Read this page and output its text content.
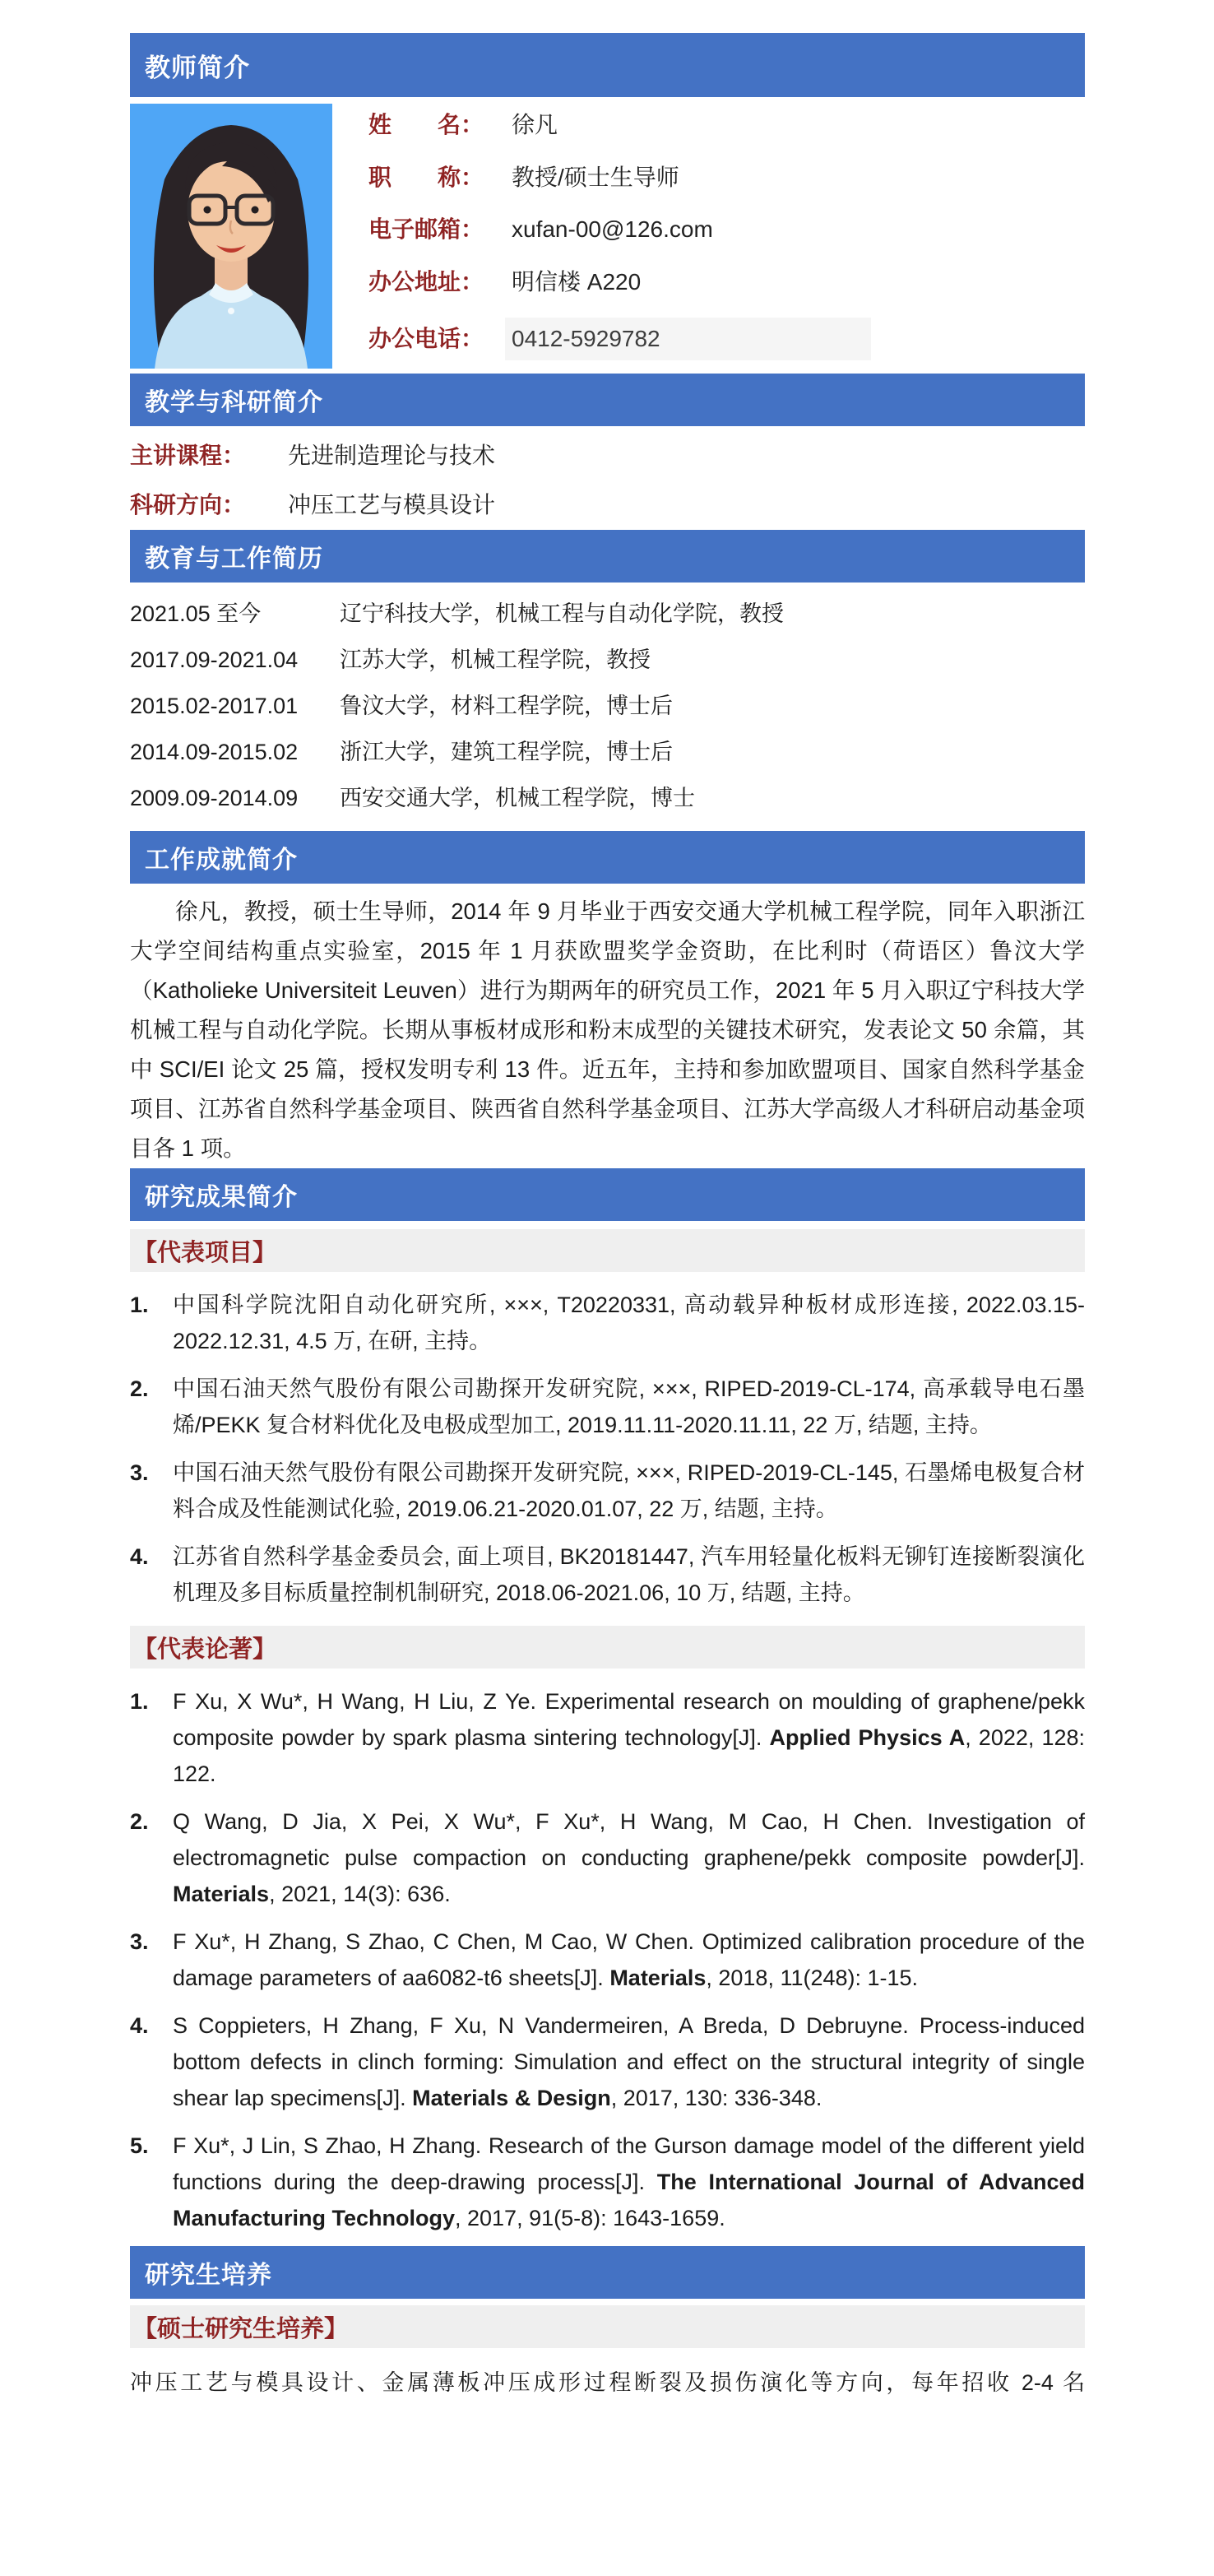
教师简介
姓　　名：	徐凡
职　　称：	教授/硕士生导师
电子邮箱：	xufan-00@126.com
办公地址：	明信楼 A220
办公电话：	0412-5929782
教学与科研简介
主讲课程：	先进制造理论与技术
科研方向：	冲压工艺与模具设计
教育与工作简历
2021.05 至今	辽宁科技大学，机械工程与自动化学院，教授
2017.09-2021.04	江苏大学，机械工程学院，教授
2015.02-2017.01	鲁汶大学，材料工程学院，博士后
2014.09-2015.02	浙江大学，建筑工程学院，博士后
2009.09-2014.09	西安交通大学，机械工程学院，博士
工作成就简介
徐凡，教授，硕士生导师，2014 年 9 月毕业于西安交通大学机械工程学院，同年入职浙江大学空间结构重点实验室，2015 年 1 月获欧盟奖学金资助，在比利时（荷语区）鲁汶大学（Katholieke Universiteit Leuven）进行为期两年的研究员工作，2021 年 5 月入职辽宁科技大学机械工程与自动化学院。长期从事板材成形和粉末成型的关键技术研究，发表论文 50 余篇，其中 SCI/EI 论文 25 篇，授权发明专利 13 件。近五年，主持和参加欧盟项目、国家自然科学基金项目、江苏省自然科学基金项目、陕西省自然科学基金项目、江苏大学高级人才科研启动基金项目各 1 项。
研究成果简介
【代表项目】
1.	中国科学院沈阳自动化研究所, ×××, T20220331, 高动载异种板材成形连接, 2022.03.15-2022.12.31, 4.5 万, 在研, 主持。
2.	中国石油天然气股份有限公司勘探开发研究院, ×××, RIPED-2019-CL-174, 高承载导电石墨烯/PEKK 复合材料优化及电极成型加工, 2019.11.11-2020.11.11, 22 万, 结题, 主持。
3.	中国石油天然气股份有限公司勘探开发研究院, ×××, RIPED-2019-CL-145, 石墨烯电极复合材料合成及性能测试化验, 2019.06.21-2020.01.07, 22 万, 结题, 主持。
4.	江苏省自然科学基金委员会, 面上项目, BK20181447, 汽车用轻量化板料无铆钉连接断裂演化机理及多目标质量控制机制研究, 2018.06-2021.06, 10 万, 结题, 主持。
【代表论著】
1.	F Xu, X Wu*, H Wang, H Liu, Z Ye. Experimental research on moulding of graphene/pekk composite powder by spark plasma sintering technology[J]. Applied Physics A, 2022, 128: 122.
2.	Q Wang, D Jia, X Pei, X Wu*, F Xu*, H Wang, M Cao, H Chen. Investigation of electromagnetic pulse compaction on conducting graphene/pekk composite powder[J]. Materials, 2021, 14(3): 636.
3.	F Xu*, H Zhang, S Zhao, C Chen, M Cao, W Chen. Optimized calibration procedure of the damage parameters of aa6082-t6 sheets[J]. Materials, 2018, 11(248): 1-15.
4.	S Coppieters, H Zhang, F Xu, N Vandermeiren, A Breda, D Debruyne. Process-induced bottom defects in clinch forming: Simulation and effect on the structural integrity of single shear lap specimens[J]. Materials & Design, 2017, 130: 336-348.
5.	F Xu*, J Lin, S Zhao, H Zhang. Research of the Gurson damage model of the different yield functions during the deep-drawing process[J]. The International Journal of Advanced Manufacturing Technology, 2017, 91(5-8): 1643-1659.
研究生培养
【硕士研究生培养】
冲压工艺与模具设计、金属薄板冲压成形过程断裂及损伤演化等方向，每年招收 2-4 名
